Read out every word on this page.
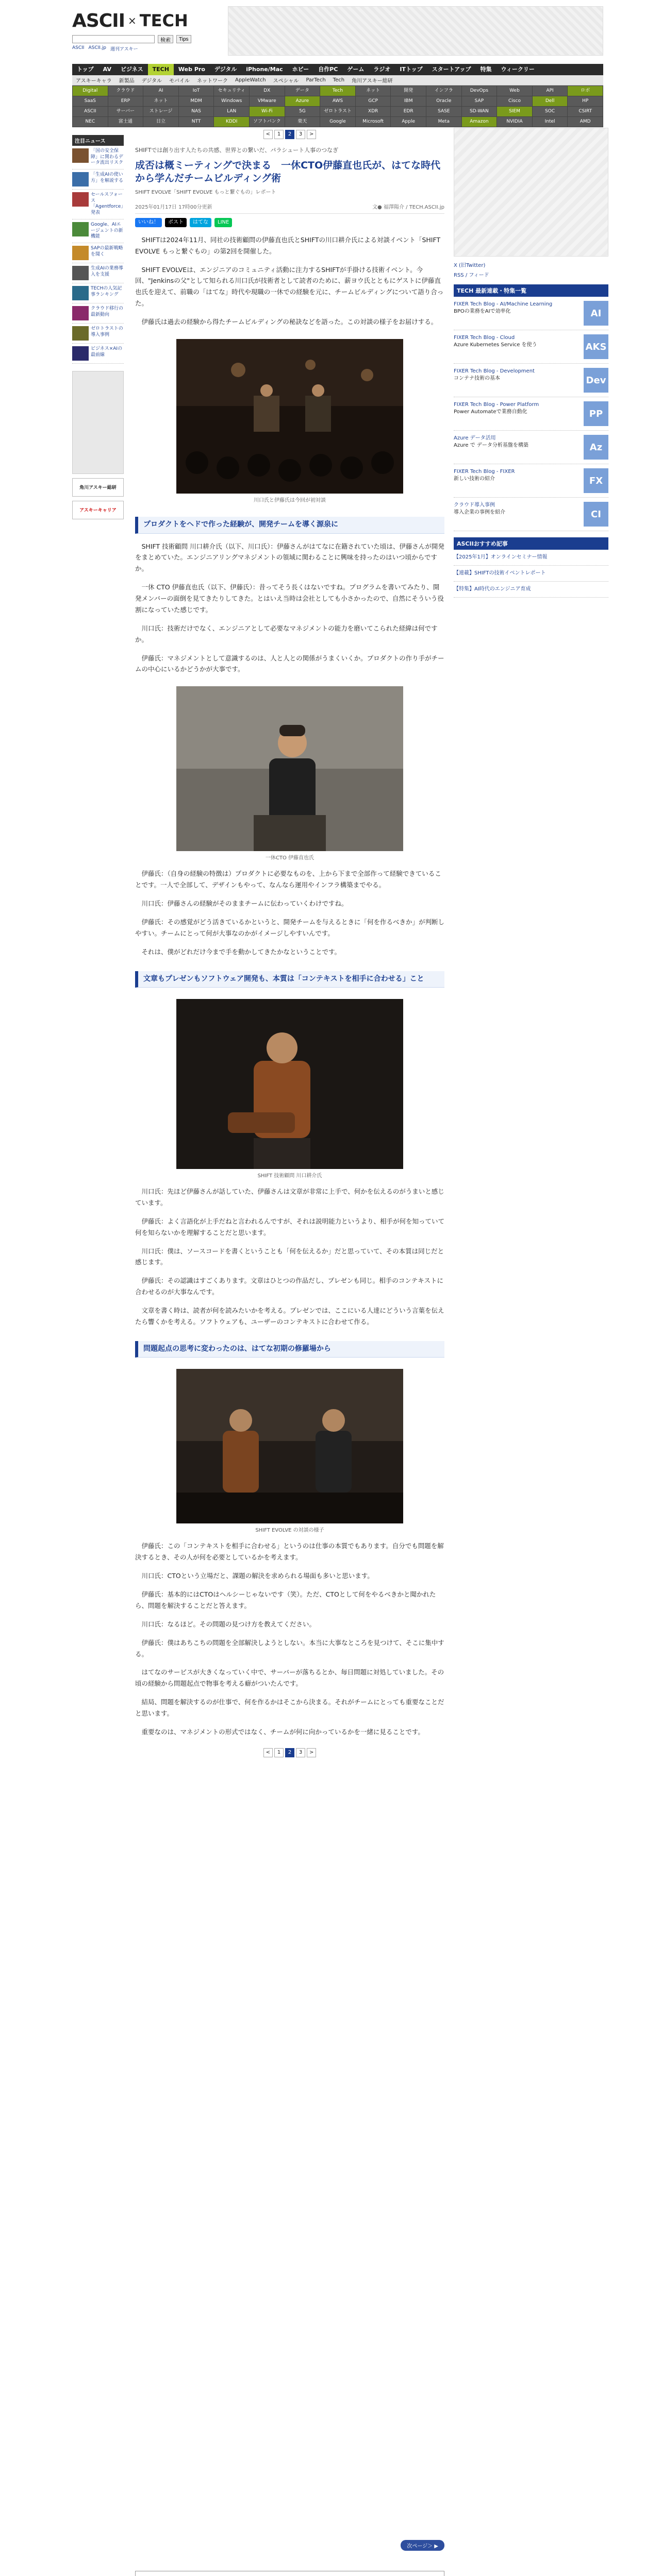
ASCII × TECH
検索	Tips
ASCII ASCII.jp 週刊アスキー
トップ	AV	ビジネス	TECH	Web Pro	デジタル	iPhone/Mac	ホビー	自作PC	ゲーム	ラジオ	ITトップ	スタートアップ	特集	ウィークリー
アスキーキャラ	新製品	デジタル	モバイル	ネットワーク	AppleWatch	スペシャル	ParTech	Tech	角川アスキー総研
Digital	クラウド	AI	IoT	セキュリティ	DX	データ	Tech	ネット	開発	インフラ	DevOps	Web	API	ロボ
SaaS	ERP	ネット	MDM	Windows	VMware	Azure	AWS	GCP	IBM	Oracle	SAP	Cisco	Dell	HP
ASCII	サーバー	ストレージ	NAS	LAN	Wi-Fi	5G	ゼロトラスト	XDR	EDR	SASE	SD-WAN	SIEM	SOC	CSIRT
NEC	富士通	日立	NTT	KDDI	ソフトバンク	楽天	Google	Microsoft	Apple	Meta	Amazon	NVIDIA	Intel	AMD
注目ニュース
「国の安全保障」に関わるデータ流出リスク
「生成AIの使い方」を解説する
セールスフォース「Agentforce」発表
Google、AIエージェントの新機能
SAPの最新戦略を聞く
生成AIの業務導入を支援
TECHの人気記事ランキング
クラウド移行の最新動向
ゼロトラストの導入事例
ビジネス×AIの最前線
角川アスキー総研
アスキーキャリア
<	1	2	3	>
SHIFTでは創り出す人たちの共感、世界との繋いだ、パラシュート人事のつなぎ
成否は概ミーティングで決まる　一休CTO伊藤直也氏が、はてな時代から学んだチームビルディング術
SHIFT EVOLVE「SHIFT EVOLVE もっと繋ぐもの」レポート
2025年01月17日 17時00分更新	文● 福澤陽介 / TECH.ASCII.jp
いいね！	ポスト	はてな	LINE

SHIFTは2024年11月、同社の技術顧問の伊藤直也氏とSHIFTの川口耕介氏による対談イベント「SHIFT EVOLVE もっと繋ぐもの」の第2回を開催した。

SHIFT EVOLVEは、エンジニアのコミュニティ活動に注力するSHIFTが手掛ける技術イベント。今回、"Jenkinsの父"として知られる川口氏が技術者として読者のために、薪ヨウ氏とともにゲストに伊藤直也氏を迎えて、前職の「はてな」時代や現職の一休での経験を元に、チームビルディングについて語り合った。

伊藤氏は過去の経験から得たチームビルディングの秘訣などを語った。この対談の様子をお届けする。

川口氏と伊藤氏は今回が初対談
プロダクトをヘドで作った経験が、開発チームを導く源泉に

SHIFT 技術顧問 川口耕介氏（以下、川口氏）：伊藤さんがはてなに在籍されていた頃は、伊藤さんが開発をまとめていた。エンジニアリングマネジメントの領域に関わることに興味を持ったのはいつ頃からですか。

一休 CTO 伊藤直也氏（以下、伊藤氏）：昔ってそう長くはないですね。プログラムを書いてみたり、開発メンバーの面倒を見てきたりしてきた。とはいえ当時は会社としても小さかったので、自然にそういう役割になっていた感じです。

川口氏：技術だけでなく、エンジニアとして必要なマネジメントの能力を磨いてこられた経緯は何ですか。

伊藤氏：マネジメントとして意識するのは、人と人との関係がうまくいくか。プロダクトの作り手がチームの中心にいるかどうかが大事です。

一休CTO 伊藤直也氏

伊藤氏：（自身の経験の特徴は）プロダクトに必要なものを、上から下まで全部作って経験できていることです。一人で全部して、デザインもやって、なんなら運用やインフラ構築までやる。

川口氏：伊藤さんの経験がそのままチームに伝わっていくわけですね。

伊藤氏：その感覚がどう活きているかというと、開発チームを与えるときに「何を作るべきか」が判断しやすい。チームにとって何が大事なのかがイメージしやすいんです。

それは、僕がどれだけ今まで手を動かしてきたかなということです。

文章もプレゼンもソフトウェア開発も、本質は「コンテキストを相手に合わせる」こと
SHIFT 技術顧問 川口耕介氏

川口氏：先ほど伊藤さんが話していた、伊藤さんは文章が非常に上手で、何かを伝えるのがうまいと感じています。

伊藤氏：よく言語化が上手だねと言われるんですが、それは説明能力というより、相手が何を知っていて何を知らないかを理解することだと思います。

川口氏：僕は、ソースコードを書くということも「何を伝えるか」だと思っていて、その本質は同じだと感じます。

伊藤氏：その認識はすごくあります。文章はひとつの作品だし、プレゼンも同じ。相手のコンテキストに合わせるのが大事なんです。

文章を書く時は、読者が何を読みたいかを考える。プレゼンでは、ここにいる人達にどういう言葉を伝えたら響くかを考える。ソフトウェアも、ユーザーのコンテキストに合わせて作る。

問題起点の思考に変わったのは、はてな初期の修羅場から
SHIFT EVOLVE の対談の様子

伊藤氏：この「コンテキストを相手に合わせる」というのは仕事の本質でもあります。自分でも問題を解決するとき、その人が何を必要としているかを考えます。

川口氏：CTOという立場だと、課題の解決を求められる場面も多いと思います。

伊藤氏：基本的にはCTOはヘルシーじゃないです（笑）。ただ、CTOとして何をやるべきかと聞かれたら、問題を解決することだと答えます。

川口氏：なるほど。その問題の見つけ方を教えてください。

伊藤氏：僕はあちこちの問題を全部解決しようとしない。本当に大事なところを見つけて、そこに集中する。

はてなのサービスが大きくなっていく中で、サーバーが落ちるとか、毎日問題に対処していました。その頃の経験から問題起点で物事を考える癖がついたんです。

結局、問題を解決するのが仕事で、何を作るかはそこから決まる。それがチームにとっても重要なことだと思います。

重要なのは、マネジメントの形式ではなく、チームが何に向かっているかを一緒に見ることです。

<	1	2	3	>
次ページ＞ ▶
X (旧Twitter)
RSS / フィード
TECH 最新連載・特集一覧
FIXER Tech Blog - AI/Machine Learning
BPOの業務をAIで効率化	AI
FIXER Tech Blog - Cloud
Azure Kubernetes Service を使う	AKS
FIXER Tech Blog - Development
コンテナ技術の基本	Dev
FIXER Tech Blog - Power Platform
Power Automateで業務自動化	PP
Azure データ活用
Azure で データ分析基盤を構築	Az
FIXER Tech Blog - FIXER
新しい技術の紹介	FX
クラウド導入事例
導入企業の事例を紹介	CI
ASCIIおすすめ記事
【2025年1月】オンラインセミナー情報
【連載】SHIFTの技術イベントレポート
【特集】AI時代のエンジニア育成
